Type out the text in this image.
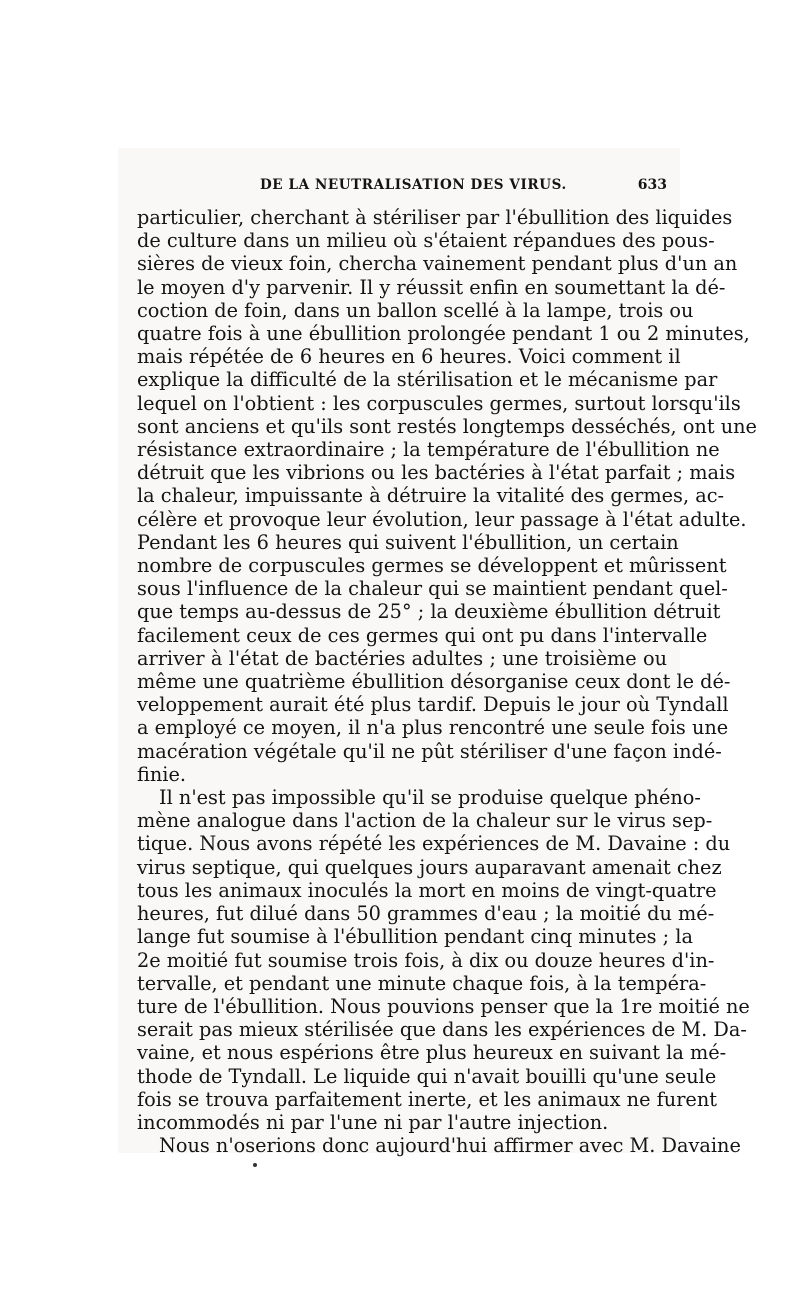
DE LA NEUTRALISATION DES VIRUS.	633
particulier, cherchant à stériliser par l'ébullition des liquides
de culture dans un milieu où s'étaient répandues des pous-
sières de vieux foin, chercha vainement pendant plus d'un an
le moyen d'y parvenir. Il y réussit enfin en soumettant la dé-
coction de foin, dans un ballon scellé à la lampe, trois ou
quatre fois à une ébullition prolongée pendant 1 ou 2 minutes,
mais répétée de 6 heures en 6 heures. Voici comment il
explique la difficulté de la stérilisation et le mécanisme par
lequel on l'obtient : les corpuscules germes, surtout lorsqu'ils
sont anciens et qu'ils sont restés longtemps desséchés, ont une
résistance extraordinaire ; la température de l'ébullition ne
détruit que les vibrions ou les bactéries à l'état parfait ; mais
la chaleur, impuissante à détruire la vitalité des germes, ac-
célère et provoque leur évolution, leur passage à l'état adulte.
Pendant les 6 heures qui suivent l'ébullition, un certain
nombre de corpuscules germes se développent et mûrissent
sous l'influence de la chaleur qui se maintient pendant quel-
que temps au-dessus de 25° ; la deuxième ébullition détruit
facilement ceux de ces germes qui ont pu dans l'intervalle
arriver à l'état de bactéries adultes ; une troisième ou
même une quatrième ébullition désorganise ceux dont le dé-
veloppement aurait été plus tardif. Depuis le jour où Tyndall
a employé ce moyen, il n'a plus rencontré une seule fois une
macération végétale qu'il ne pût stériliser d'une façon indé-
finie.
Il n'est pas impossible qu'il se produise quelque phéno-
mène analogue dans l'action de la chaleur sur le virus sep-
tique. Nous avons répété les expériences de M. Davaine : du
virus septique, qui quelques jours auparavant amenait chez
tous les animaux inoculés la mort en moins de vingt-quatre
heures, fut dilué dans 50 grammes d'eau ; la moitié du mé-
lange fut soumise à l'ébullition pendant cinq minutes ; la
2e moitié fut soumise trois fois, à dix ou douze heures d'in-
tervalle, et pendant une minute chaque fois, à la tempéra-
ture de l'ébullition. Nous pouvions penser que la 1re moitié ne
serait pas mieux stérilisée que dans les expériences de M. Da-
vaine, et nous espérions être plus heureux en suivant la mé-
thode de Tyndall. Le liquide qui n'avait bouilli qu'une seule
fois se trouva parfaitement inerte, et les animaux ne furent
incommodés ni par l'une ni par l'autre injection.
Nous n'oserions donc aujourd'hui affirmer avec M. Davaine
